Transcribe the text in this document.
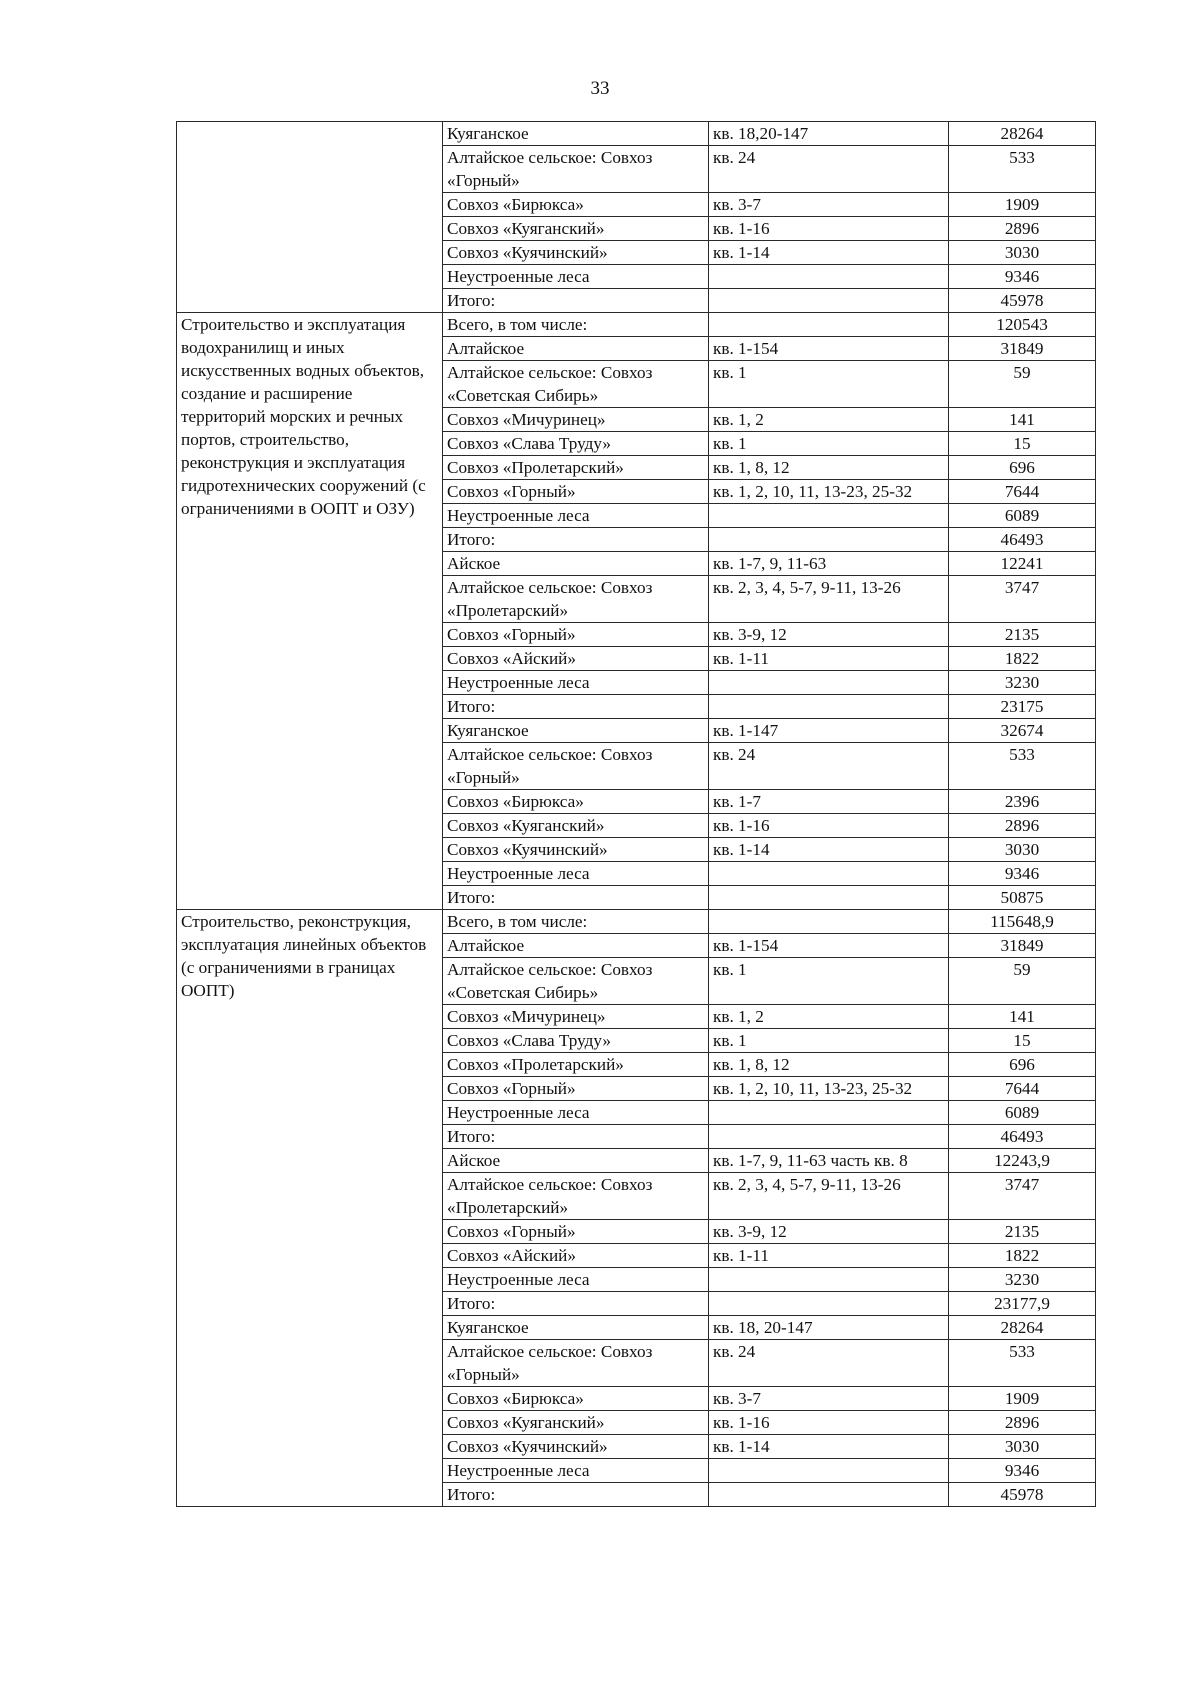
33
	Куяганское	кв. 18,20-147	28264
	Алтайское сельское: Совхоз «Горный»	кв. 24	533
	Совхоз «Бирюкса»	кв. 3-7	1909
	Совхоз «Куяганский»	кв. 1-16	2896
	Совхоз «Куячинский»	кв. 1-14	3030
	Неустроенные леса		9346
	Итого:		45978
Строительство и эксплуатация водохранилищ и иных искусственных водных объектов, создание и расширение территорий морских и речных портов, строительство, реконструкция и эксплуатация гидротехнических сооружений (с ограничениями в ООПТ и ОЗУ)	Всего, в том числе:		120543
	Алтайское	кв. 1-154	31849
	Алтайское сельское: Совхоз «Советская Сибирь»	кв. 1	59
	Совхоз «Мичуринец»	кв. 1, 2	141
	Совхоз «Слава Труду»	кв. 1	15
	Совхоз «Пролетарский»	кв. 1, 8, 12	696
	Совхоз «Горный»	кв. 1, 2, 10, 11, 13-23, 25-32	7644
	Неустроенные леса		6089
	Итого:		46493
	Айское	кв. 1-7, 9, 11-63	12241
	Алтайское сельское: Совхоз «Пролетарский»	кв. 2, 3, 4, 5-7, 9-11, 13-26	3747
	Совхоз «Горный»	кв. 3-9, 12	2135
	Совхоз «Айский»	кв. 1-11	1822
	Неустроенные леса		3230
	Итого:		23175
	Куяганское	кв. 1-147	32674
	Алтайское сельское: Совхоз «Горный»	кв. 24	533
	Совхоз «Бирюкса»	кв. 1-7	2396
	Совхоз «Куяганский»	кв. 1-16	2896
	Совхоз «Куячинский»	кв. 1-14	3030
	Неустроенные леса		9346
	Итого:		50875
Строительство, реконструкция, эксплуатация линейных объектов (с ограничениями в границах ООПТ)	Всего, в том числе:		115648,9
	Алтайское	кв. 1-154	31849
	Алтайское сельское: Совхоз «Советская Сибирь»	кв. 1	59
	Совхоз «Мичуринец»	кв. 1, 2	141
	Совхоз «Слава Труду»	кв. 1	15
	Совхоз «Пролетарский»	кв. 1, 8, 12	696
	Совхоз «Горный»	кв. 1, 2, 10, 11, 13-23, 25-32	7644
	Неустроенные леса		6089
	Итого:		46493
	Айское	кв. 1-7, 9, 11-63 часть кв. 8	12243,9
	Алтайское сельское: Совхоз «Пролетарский»	кв. 2, 3, 4, 5-7, 9-11, 13-26	3747
	Совхоз «Горный»	кв. 3-9, 12	2135
	Совхоз «Айский»	кв. 1-11	1822
	Неустроенные леса		3230
	Итого:		23177,9
	Куяганское	кв. 18, 20-147	28264
	Алтайское сельское: Совхоз «Горный»	кв. 24	533
	Совхоз «Бирюкса»	кв. 3-7	1909
	Совхоз «Куяганский»	кв. 1-16	2896
	Совхоз «Куячинский»	кв. 1-14	3030
	Неустроенные леса		9346
	Итого:		45978
